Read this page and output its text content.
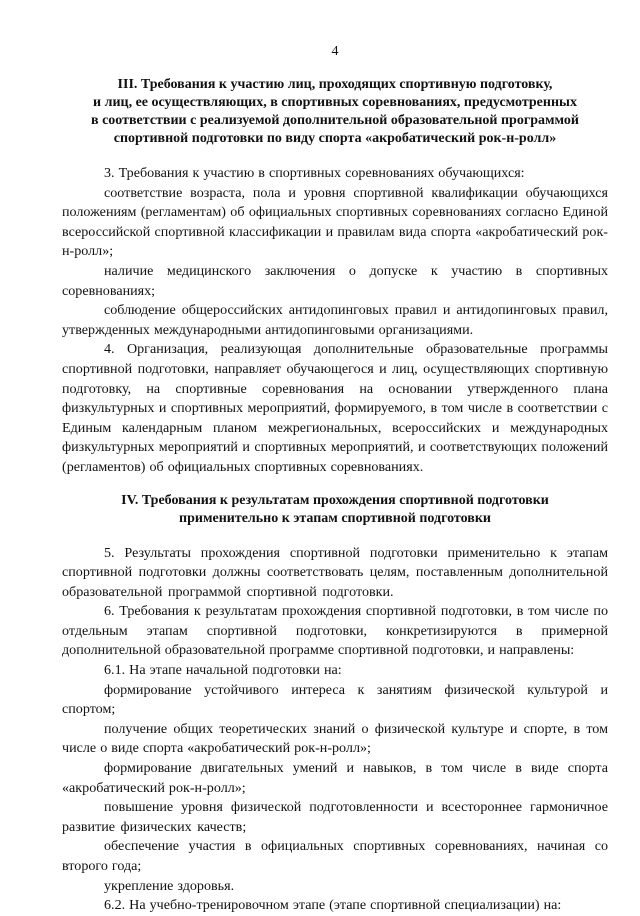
4
III. Требования к участию лиц, проходящих спортивную подготовку,
и лиц, ее осуществляющих, в спортивных соревнованиях, предусмотренных
в соответствии с реализуемой дополнительной образовательной программой
спортивной подготовки по виду спорта «акробатический рок-н-ролл»

3. Требования к участию в спортивных соревнованиях обучающихся:

соответствие возраста, пола и уровня спортивной квалификации обучающихся положениям (регламентам) об официальных спортивных соревнованиях согласно Единой всероссийской спортивной классификации и правилам вида спорта «акробатический рок-н-ролл»;

наличие медицинского заключения о допуске к участию в спортивных соревнованиях;

соблюдение общероссийских антидопинговых правил и антидопинговых правил, утвержденных международными антидопинговыми организациями.

4. Организация, реализующая дополнительные образовательные программы спортивной подготовки, направляет обучающегося и лиц, осуществляющих спортивную подготовку, на спортивные соревнования на основании утвержденного плана физкультурных и спортивных мероприятий, формируемого, в том числе в соответствии с Единым календарным планом межрегиональных, всероссийских и международных физкультурных мероприятий и спортивных мероприятий, и соответствующих положений (регламентов) об официальных спортивных соревнованиях.

IV. Требования к результатам прохождения спортивной подготовки
применительно к этапам спортивной подготовки

5. Результаты прохождения спортивной подготовки применительно к этапам спортивной подготовки должны соответствовать целям, поставленным дополнительной образовательной программой спортивной подготовки.

6. Требования к результатам прохождения спортивной подготовки, в том числе по отдельным этапам спортивной подготовки, конкретизируются в примерной дополнительной образовательной программе спортивной подготовки, и направлены:

6.1. На этапе начальной подготовки на:

формирование устойчивого интереса к занятиям физической культурой и спортом;

получение общих теоретических знаний о физической культуре и спорте, в том числе о виде спорта «акробатический рок-н-ролл»;

формирование двигательных умений и навыков, в том числе в виде спорта «акробатический рок-н-ролл»;

повышение уровня физической подготовленности и всестороннее гармоничное развитие физических качеств;

обеспечение участия в официальных спортивных соревнованиях, начиная со второго года;

укрепление здоровья.

6.2. На учебно-тренировочном этапе (этапе спортивной специализации) на:
